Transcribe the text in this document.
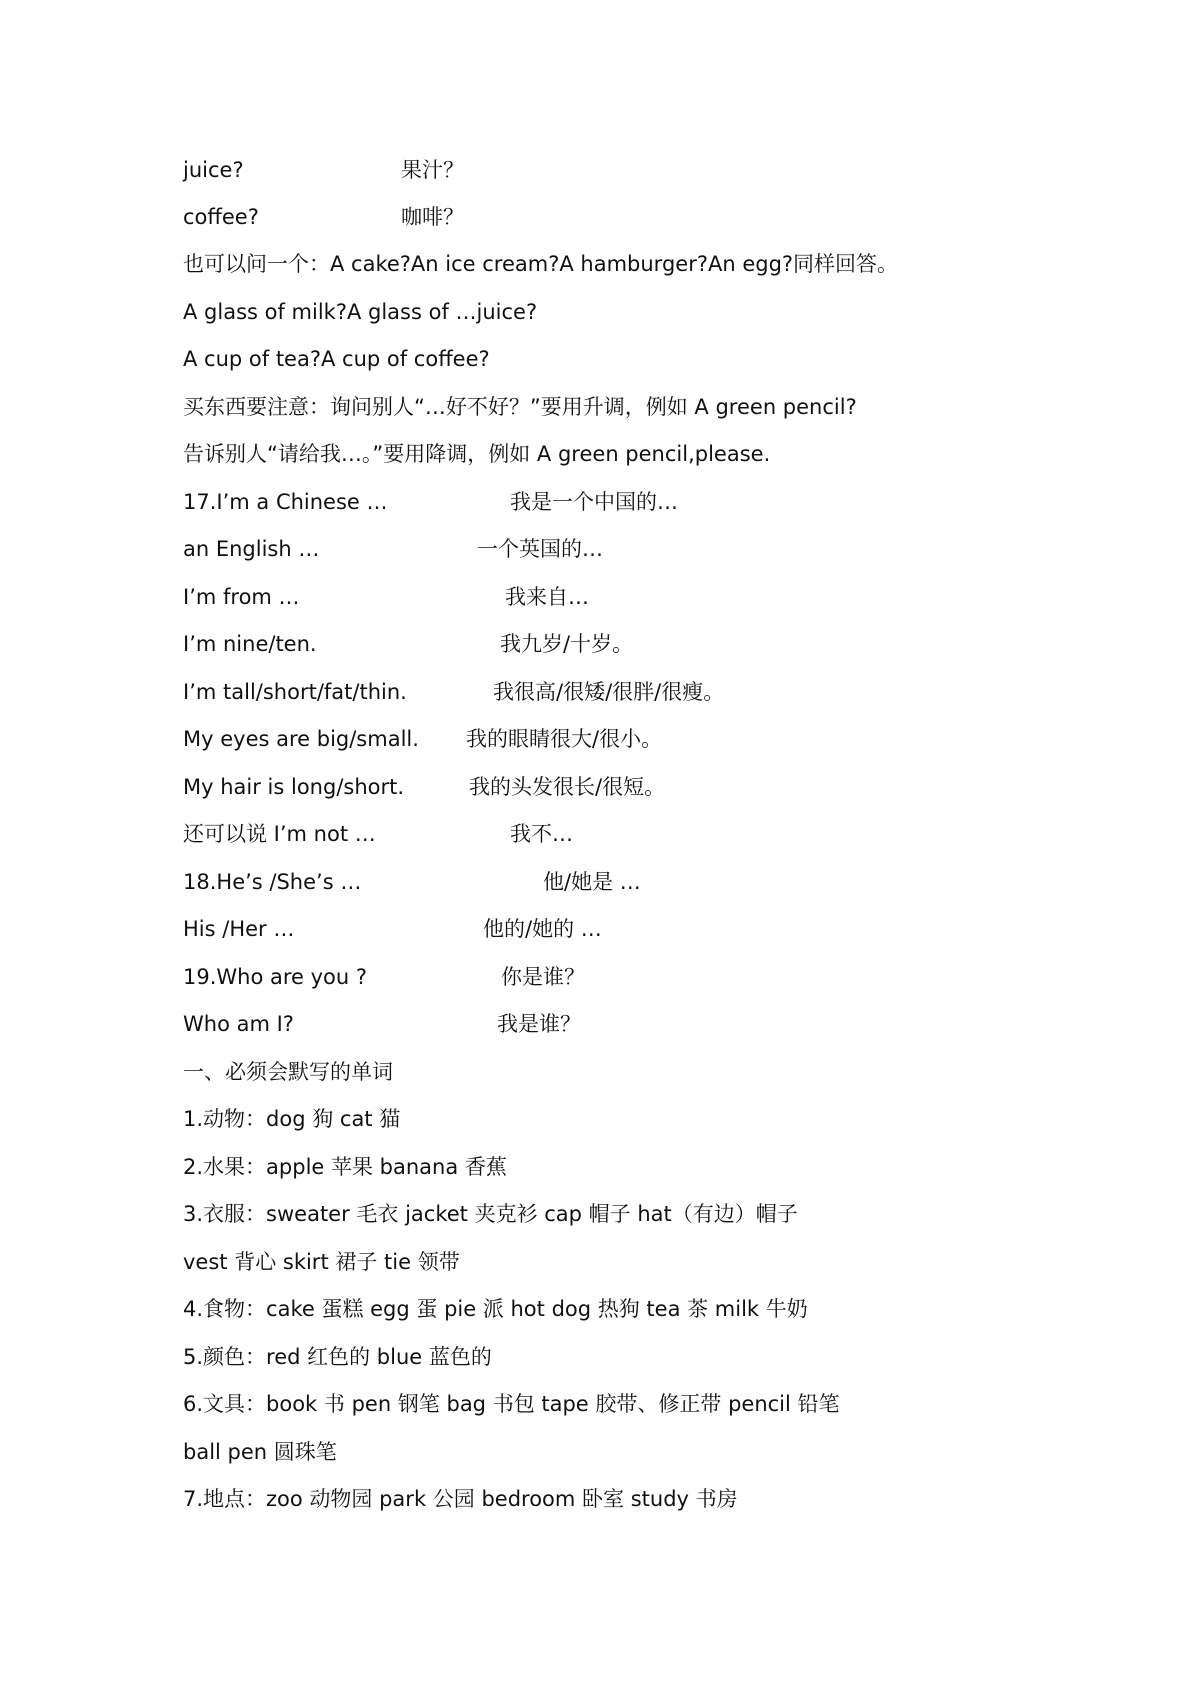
juice?	果汁？
coffee?	咖啡？
也可以问一个：A cake?An ice cream?A hamburger?An egg?同样回答。
A glass of milk?A glass of …juice?
A cup of tea?A cup of coffee?
买东西要注意：询问别人“…好不好？”要用升调，例如 A green pencil?
告诉别人“请给我…。”要用降调，例如 A green pencil,please.
17.I’m a Chinese …	我是一个中国的…
an English …	一个英国的…
I’m from …	我来自…
I’m nine/ten.	我九岁/十岁。
I’m tall/short/fat/thin.	我很高/很矮/很胖/很瘦。
My eyes are big/small. 我的眼睛很大/很小。
My hair is long/short.	我的头发很长/很短。
还可以说 I’m not …	我不…
18.He’s /She’s …	他/她是 …
His /Her …	他的/她的 …
19.Who are you ?	你是谁？
Who am I?	我是谁？
一、必须会默写的单词
1.动物：dog 狗 cat 猫
2.水果：apple 苹果 banana 香蕉
3.衣服：sweater 毛衣 jacket 夹克衫 cap 帽子 hat（有边）帽子
vest 背心 skirt 裙子 tie 领带
4.食物：cake 蛋糕 egg 蛋 pie 派 hot dog 热狗 tea 茶 milk 牛奶
5.颜色：red 红色的 blue 蓝色的
6.文具：book 书 pen 钢笔 bag 书包 tape 胶带、修正带 pencil 铅笔
ball pen 圆珠笔
7.地点：zoo 动物园 park 公园 bedroom 卧室 study 书房
